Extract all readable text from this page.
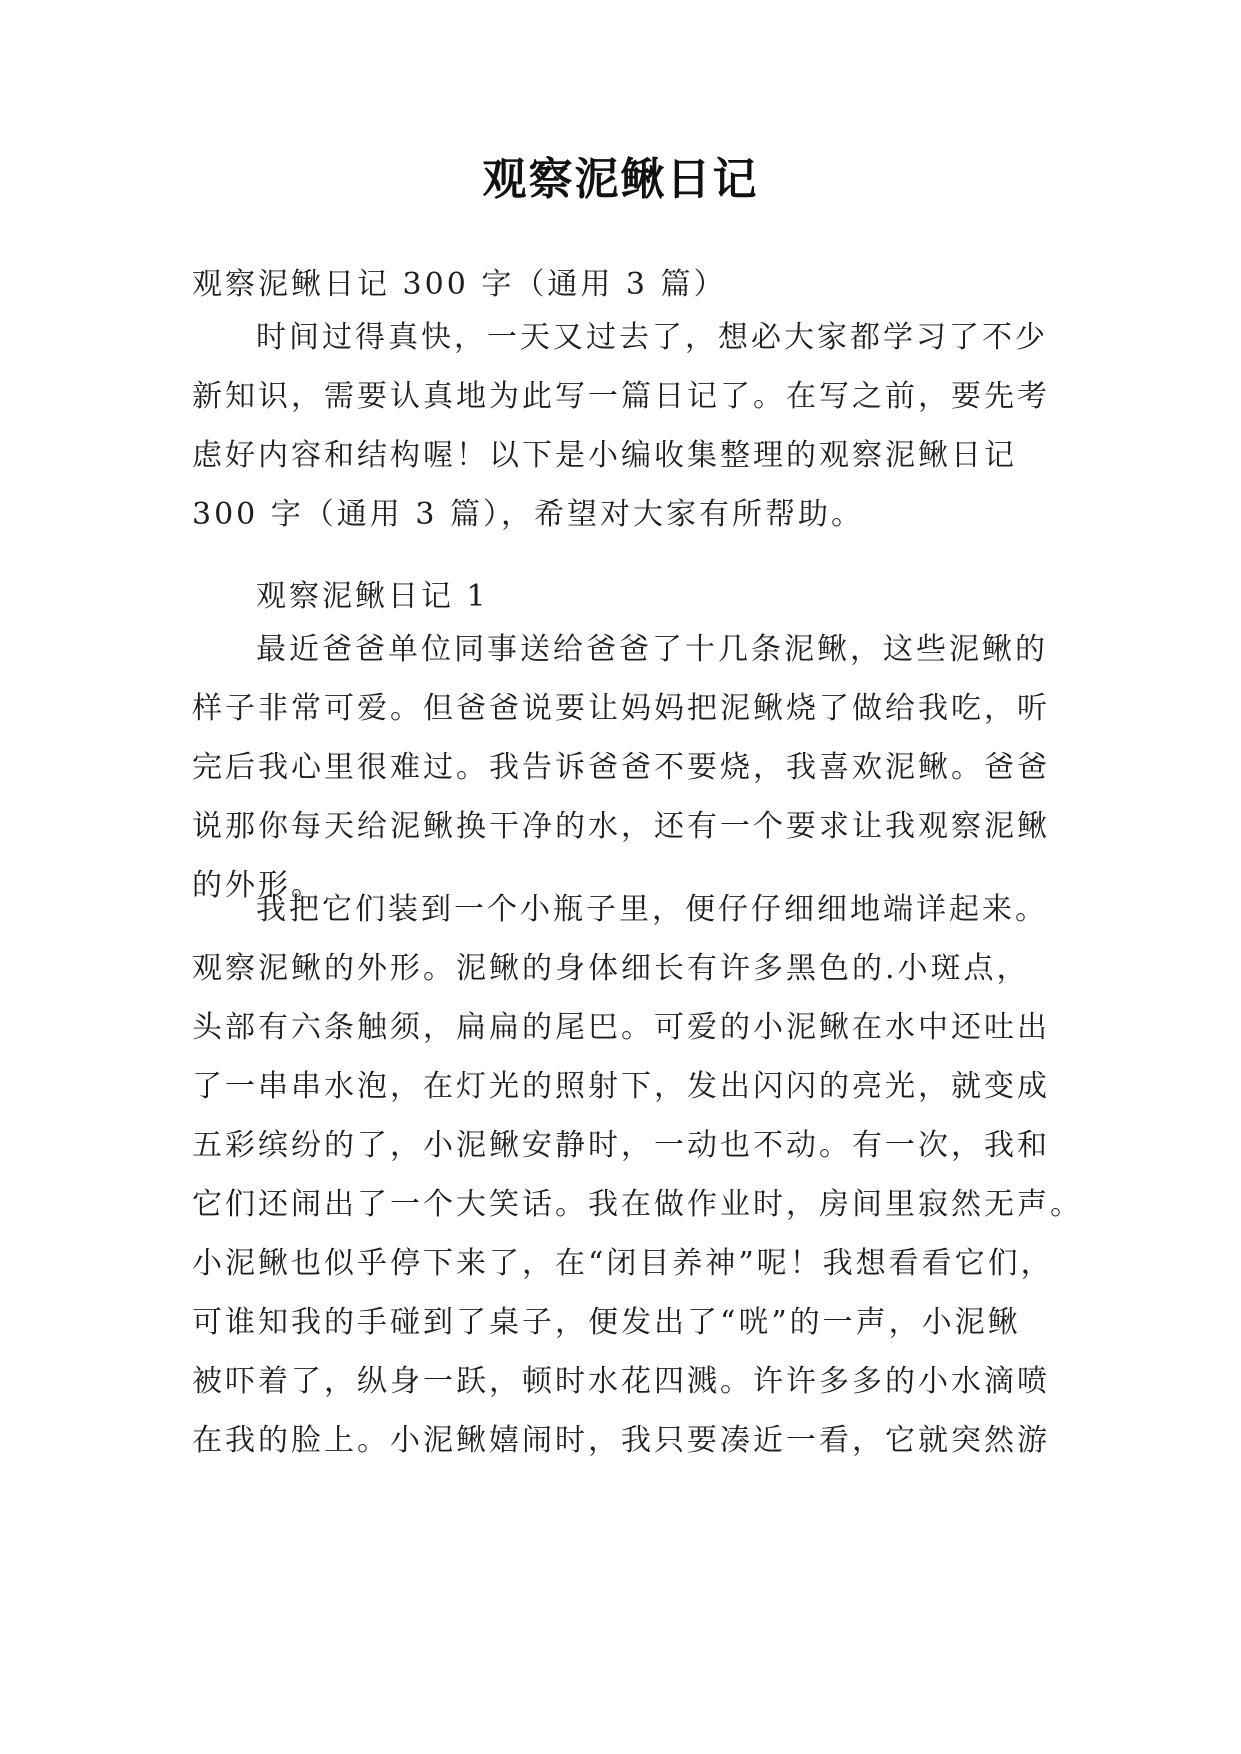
观察泥鳅日记
观察泥鳅日记 300 字（通用 3 篇）
时间过得真快，一天又过去了，想必大家都学习了不少
新知识，需要认真地为此写一篇日记了。在写之前，要先考
虑好内容和结构喔！以下是小编收集整理的观察泥鳅日记
300 字（通用 3 篇），希望对大家有所帮助。
观察泥鳅日记 1
最近爸爸单位同事送给爸爸了十几条泥鳅，这些泥鳅的
样子非常可爱。但爸爸说要让妈妈把泥鳅烧了做给我吃，听
完后我心里很难过。我告诉爸爸不要烧，我喜欢泥鳅。爸爸
说那你每天给泥鳅换干净的水，还有一个要求让我观察泥鳅
的外形。
我把它们装到一个小瓶子里，便仔仔细细地端详起来。
观察泥鳅的外形。泥鳅的身体细长有许多黑色的.小斑点，
头部有六条触须，扁扁的尾巴。可爱的小泥鳅在水中还吐出
了一串串水泡，在灯光的照射下，发出闪闪的亮光，就变成
五彩缤纷的了，小泥鳅安静时，一动也不动。有一次，我和
它们还闹出了一个大笑话。我在做作业时，房间里寂然无声。
小泥鳅也似乎停下来了，在“闭目养神”呢！我想看看它们，
可谁知我的手碰到了桌子，便发出了“咣”的一声，小泥鳅
被吓着了，纵身一跃，顿时水花四溅。许许多多的小水滴喷
在我的脸上。小泥鳅嬉闹时，我只要凑近一看，它就突然游
